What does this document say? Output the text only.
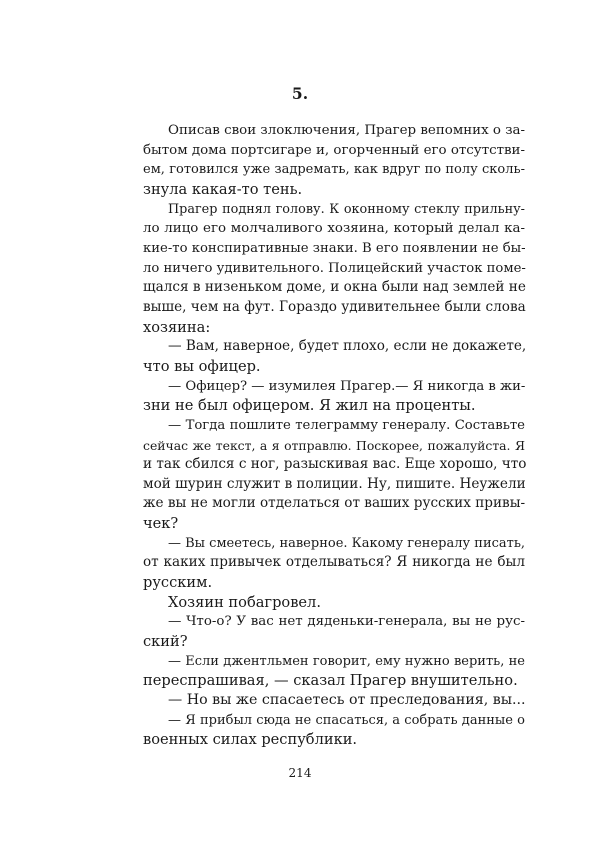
5.
Описав свои злоключения, Прагер вепомних о за-
бытом дома портсигаре и, огорченный его отсутстви-
ем, готовился уже задремать, как вдруг по полу сколь-
знула какая-то тень.
Прагер поднял голову. К оконному стеклу прильну-
ло лицо его молчаливого хозяина, который делал ка-
кие-то конспиративные знаки. В его появлении не бы-
ло ничего удивительного. Полицейский участок поме-
щался в низеньком доме, и окна были над землей не
выше, чем на фут. Гораздо удивительнее были слова
хозяина:
— Вам, наверное, будет плохо, если не докажете,
что вы офицер.
— Офицер? — изумилея Прагер.— Я никогда в жи-
зни не был офицером. Я жил на проценты.
— Тогда пошлите телеграмму генералу. Составьте
сейчас же текст, а я отправлю. Поскорее, пожалуйста. Я
и так сбился с ног, разыскивая вас. Еще хорошо, что
мой шурин служит в полиции. Ну, пишите. Неужели
же вы не могли отделаться от ваших русских привы-
чек?
— Вы смеетесь, наверное. Какому генералу писать,
от каких привычек отделываться? Я никогда не был
русским.
Хозяин побагровел.
— Что-о? У вас нет дяденьки-генерала, вы не рус-
ский?
— Если джентльмен говорит, ему нужно верить, не
переспрашивая, — сказал Прагер внушительно.
— Но вы же спасаетесь от преследования, вы...
— Я прибыл сюда не спасаться, а собрать данные о
военных силах республики.
214
